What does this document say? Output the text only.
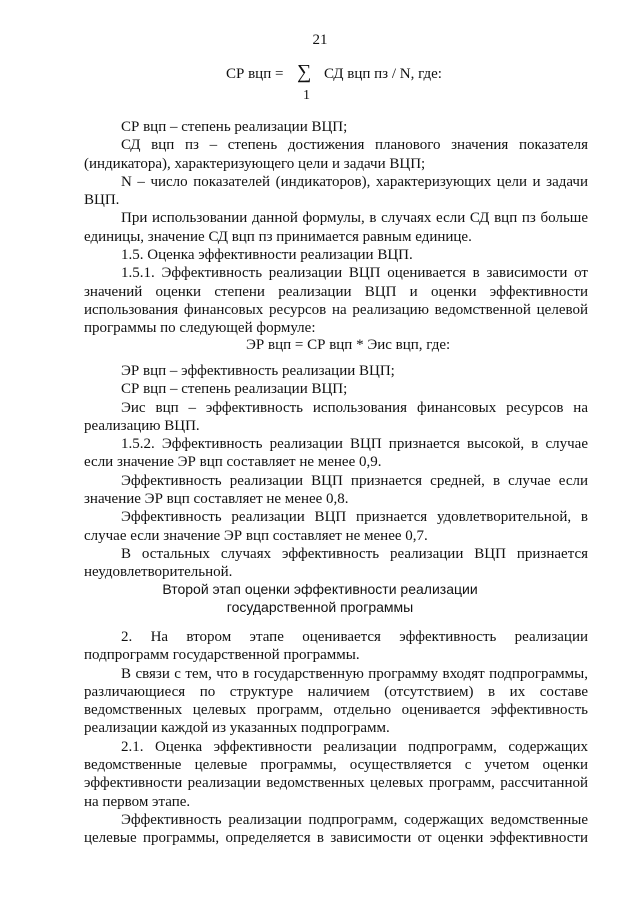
21
СР вцп = ∑
1
СД вцп пз / N, где:

СР вцп – степень реализации ВЦП;

СД вцп пз – степень достижения планового значения показателя (индикатора), характеризующего цели и задачи ВЦП;

N – число показателей (индикаторов), характеризующих цели и задачи ВЦП.

При использовании данной формулы, в случаях если СД вцп пз больше единицы, значение СД вцп пз принимается равным единице.

1.5. Оценка эффективности реализации ВЦП.

1.5.1. Эффективность реализации ВЦП оценивается в зависимости от значений оценки степени реализации ВЦП и оценки эффективности использования финансовых ресурсов на реализацию ведомственной целевой программы по следующей формуле:

ЭР вцп = СР вцп * Эис вцп, где:

ЭР вцп – эффективность реализации ВЦП;

СР вцп – степень реализации ВЦП;

Эис вцп – эффективность использования финансовых ресурсов на реализацию ВЦП.

1.5.2. Эффективность реализации ВЦП признается высокой, в случае если значение ЭР вцп составляет не менее 0,9.

Эффективность реализации ВЦП признается средней, в случае если значение ЭР вцп составляет не менее 0,8.

Эффективность реализации ВЦП признается удовлетворительной, в случае если значение ЭР вцп составляет не менее 0,7.

В остальных случаях эффективность реализации ВЦП признается неудовлетворительной.

Второй этап оценки эффективности реализации
государственной программы

2. На втором этапе оценивается эффективность реализации подпрограмм государственной программы.

В связи с тем, что в государственную программу входят подпрограммы, различающиеся по структуре наличием (отсутствием) в их составе ведомственных целевых программ, отдельно оценивается эффективность реализации каждой из указанных подпрограмм.

2.1. Оценка эффективности реализации подпрограмм, содержащих ведомственные целевые программы, осуществляется с учетом оценки эффективности реализации ведомственных целевых программ, рассчитанной на первом этапе.

Эффективность реализации подпрограмм, содержащих ведомственные целевые программы, определяется в зависимости от оценки эффективности
